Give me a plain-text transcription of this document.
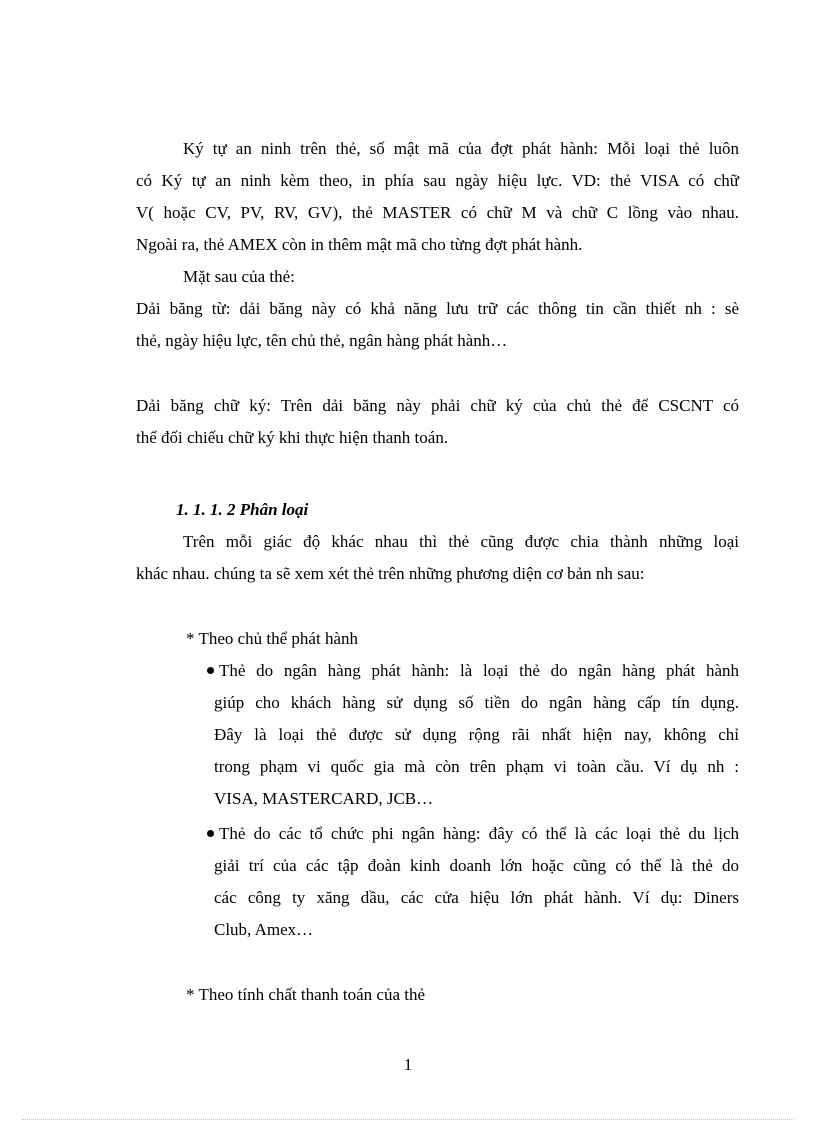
Ký tự an ninh trên thẻ, số mật mã của đợt phát hành: Mỗi loại thẻ luôn
có Ký tự an ninh kèm theo, in phía sau ngày hiệu lực. VD: thẻ VISA có chữ
V( hoặc CV, PV, RV, GV), thẻ MASTER có chữ M và chữ C lồng vào nhau.
Ngoài ra, thẻ AMEX còn in thêm mật mã cho từng đợt phát hành.
Mặt sau của thẻ:
Dải băng từ: dải băng này có khả năng lưu trữ các thông tin cần thiết nh : sè
thẻ, ngày hiệu lực, tên chủ thẻ, ngân hàng phát hành…
Dải băng chữ ký: Trên dải băng này phải chữ ký của chủ thẻ để CSCNT có
thể đối chiếu chữ ký khi thực hiện thanh toán.
1. 1. 1. 2 Phân loại
Trên mỗi giác độ khác nhau thì thẻ cũng được chia thành những loại
khác nhau. chúng ta sẽ xem xét thẻ trên những phương diện cơ bản nh sau:
* Theo chủ thể phát hành
Thẻ do ngân hàng phát hành: là loại thẻ do ngân hàng phát hành
giúp cho khách hàng sử dụng số tiền do ngân hàng cấp tín dụng.
Đây là loại thẻ được sử dụng rộng rãi nhất hiện nay, không chỉ
trong phạm vi quốc gia mà còn trên phạm vi toàn cầu. Ví dụ nh :
VISA, MASTERCARD, JCB…
Thẻ do các tổ chức phi ngân hàng: đây có thể là các loại thẻ du lịch
giải trí của các tập đoàn kinh doanh lớn hoặc cũng có thể là thẻ do
các công ty xăng dầu, các cửa hiệu lớn phát hành. Ví dụ: Diners
Club, Amex…
* Theo tính chất thanh toán của thẻ
1
